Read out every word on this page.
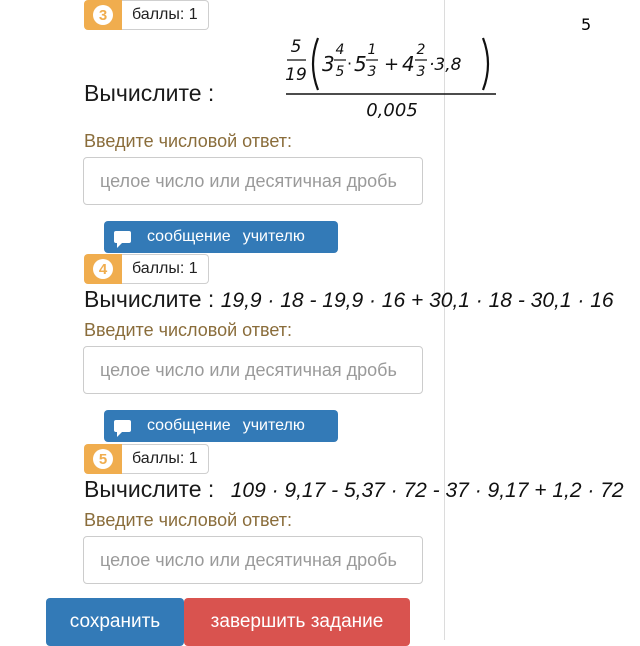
3	баллы: 1
Вычислите :
5
5
19 3
4
5 · 5
1
3 + 4
2
3 ·3,8
0,005
Введите числовой ответ:
целое число или десятичная дробь
сообщение учителю
4	баллы: 1
Вычислите : 19,9 · 18 - 19,9 · 16 + 30,1 · 18 - 30,1 · 16
Введите числовой ответ:
целое число или десятичная дробь
сообщение учителю
5	баллы: 1
Вычислите : 109 · 9,17 - 5,37 · 72 - 37 · 9,17 + 1,2 · 72
Введите числовой ответ:
целое число или десятичная дробь
сохранить	завершить задание
